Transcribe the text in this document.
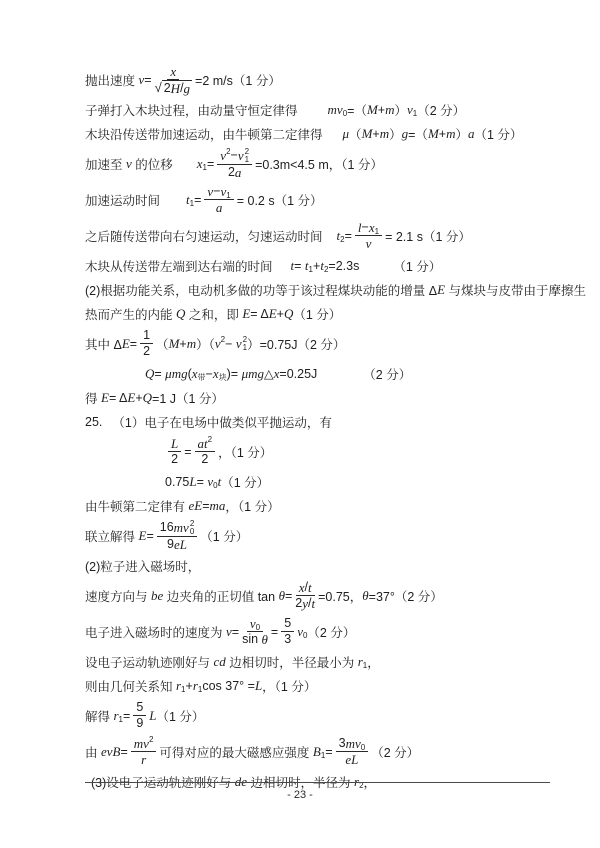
抛出速度 $v = \frac{x}{√ 2 H / g} =2$ m/s（1 分）
子弹打入木块过程，由动量守恒定律得 mv 0 =（ M + m ） v 1 （2 分）
木块沿传送带加速运动，由牛顿第二定律得 μ （ M + m ） g =（ M + m ） a （1 分）
加速至 v 的位移 x 1 = v 2 − v 2
1
2 a =0.3m<4.5 m，（1 分）
加速运动时间 t $1 = \frac{v - v 1}{a} = 0.2$ s（1 分）
之后随传送带向右匀速运动，匀速运动时间 t $2 = \frac{l - x 1}{v} = 2.1$ s（1 分）
木块从传送带左端到达右端的时间 t = t 1 + t 2 =2.3s	（1 分）
(2)根据功能关系，电动机多做的功等于该过程煤块动能的增量 Δ E 与煤块与皮带由于摩擦生
热而产生的内能 Q 之和，即 E = Δ E + Q （1 分）
其中 Δ $E = \frac{1}{2}$ （ M + m ）（ v 2 − v 2
1 ）=0.75J（2 分）
Q = μ mg ( x 带 − x 块 )= μ mg △ x =0.25J	（2 分）
得 E = Δ E + Q =1 J（1 分）
25. （1）电子在电场中做类似平抛运动，有
$\frac{L}{2} = \frac{\text{a t 2}}{2}$ ，（1 分）
0.75 L = v 0 t （1 分）
由牛顿第二定律有 eE = ma ，（1 分）
联立解得 E = 16 m v 2
0
9 eL （1 分）
(2)粒子进入磁场时，
速度方向与 be 边夹角的正切值 $\tan \theta = \frac{x / t}{2 y / t} =0.75$， θ =37°（2 分）
电子进入磁场时的速度为 $v = \frac{v 0}{\text{sin θ}} = \frac{5}{3}$ v 0 （2 分）
设电子运动轨迹刚好与 cd 边相切时，半径最小为 r 1 ，
则由几何关系知 r 1 + r 1 cos 37° = L ，（1 分）
解得 r $1 = \frac{5}{9}$ L （1 分）
由 evB = $\frac{\text{m v 2}}{r}$ 可得对应的最大磁感应强度 B $1 = \frac{\text{3 m v 0}}{eL} (2$ 分）
(3)设电子运动轨迹刚好与 de 边相切时，半径为 r 2 ，
- 23 -
